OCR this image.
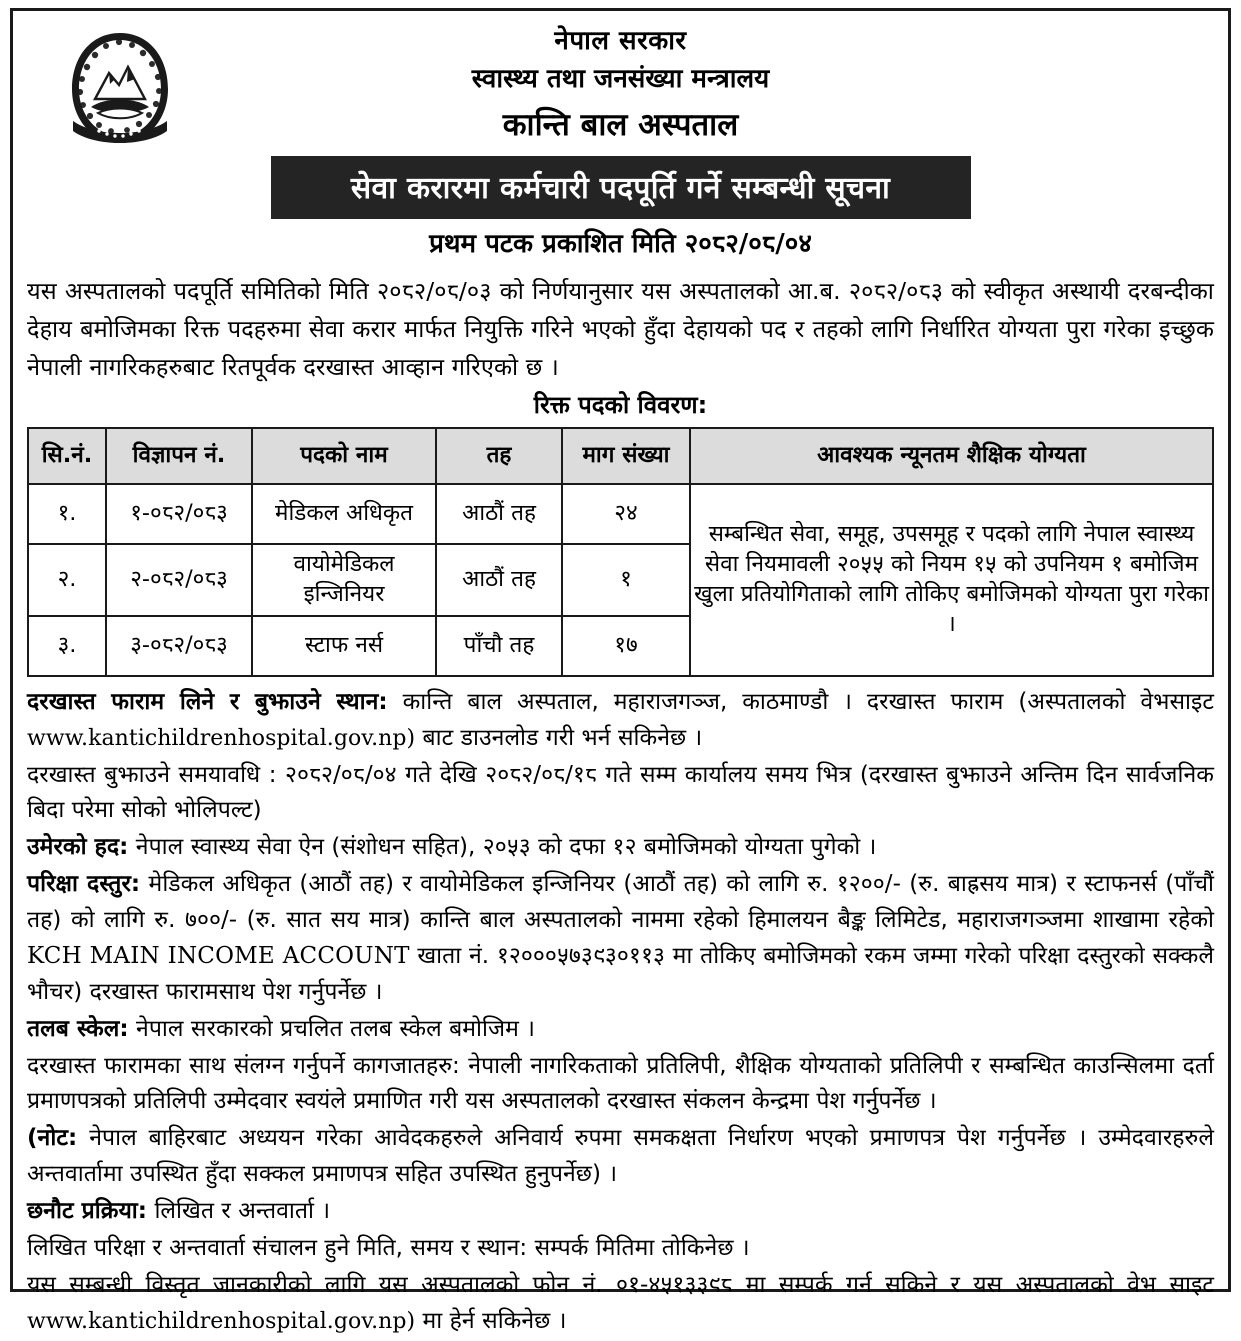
नेपाल सरकार
स्वास्थ्य तथा जनसंख्या मन्त्रालय
कान्ति बाल अस्पताल
सेवा करारमा कर्मचारी पदपूर्ति गर्ने सम्बन्धी सूचना
प्रथम पटक प्रकाशित मिति २०८२/०८/०४
यस अस्पतालको पदपूर्ति समितिको मिति २०८२/०८/०३ को निर्णयानुसार यस अस्पतालको आ.ब. २०८२/०८३ को स्वीकृत अस्थायी दरबन्दीका देहाय बमोजिमका रिक्त पदहरुमा सेवा करार मार्फत नियुक्ति गरिने भएको हुँदा देहायको पद र तहको लागि निर्धारित योग्यता पुरा गरेका इच्छुक नेपाली नागरिकहरुबाट रितपूर्वक दरखास्त आव्हान गरिएको छ ।
रिक्त पदको विवरण:
सि.नं.	विज्ञापन नं.	पदको नाम	तह	माग संख्या	आवश्यक न्यूनतम शैक्षिक योग्यता
१.	१-०८२/०८३	मेडिकल अधिकृत	आठौं तह	२४	सम्बन्धित सेवा, समूह, उपसमूह र पदको लागि नेपाल स्वास्थ्य सेवा नियमावली २०५५ को नियम १५ को उपनियम १ बमोजिम खुला प्रतियोगिताको लागि तोकिए बमोजिमको योग्यता पुरा गरेका ।
२.	२-०८२/०८३	वायोमेडिकल इन्जिनियर	आठौं तह	१	
३.	३-०८२/०८३	स्टाफ नर्स	पाँचौ तह	१७	

दरखास्त फाराम लिने र बुझाउने स्थान: कान्ति बाल अस्पताल, महाराजगञ्ज, काठमाण्डौ । दरखास्त फाराम (अस्पतालको वेभसाइट www.kantichildrenhospital.gov.np) बाट डाउनलोड गरी भर्न सकिनेछ ।

दरखास्त बुझाउने समयावधि : २०८२/०८/०४ गते देखि २०८२/०८/१८ गते सम्म कार्यालय समय भित्र (दरखास्त बुझाउने अन्तिम दिन सार्वजनिक बिदा परेमा सोको भोलिपल्ट)

उमेरको हद: नेपाल स्वास्थ्य सेवा ऐन (संशोधन सहित), २०५३ को दफा १२ बमोजिमको योग्यता पुगेको ।

परिक्षा दस्तुर: मेडिकल अधिकृत (आठौं तह) र वायोमेडिकल इन्जिनियर (आठौं तह) को लागि रु. १२००/- (रु. बाह्रसय मात्र) र स्टाफनर्स (पाँचौं तह) को लागि रु. ७००/- (रु. सात सय मात्र) कान्ति बाल अस्पतालको नाममा रहेको हिमालयन बैङ्क लिमिटेड, महाराजगञ्जमा शाखामा रहेको KCH MAIN INCOME ACCOUNT खाता नं. १२०००५७३९३०११३ मा तोकिए बमोजिमको रकम जम्मा गरेको परिक्षा दस्तुरको सक्कलै भौचर) दरखास्त फारामसाथ पेश गर्नुपर्नेछ ।

तलब स्केल: नेपाल सरकारको प्रचलित तलब स्केल बमोजिम ।

दरखास्त फारामका साथ संलग्न गर्नुपर्ने कागजातहरु: नेपाली नागरिकताको प्रतिलिपी, शैक्षिक योग्यताको प्रतिलिपी र सम्बन्धित काउन्सिलमा दर्ता प्रमाणपत्रको प्रतिलिपी उम्मेदवार स्वयंले प्रमाणित गरी यस अस्पतालको दरखास्त संकलन केन्द्रमा पेश गर्नुपर्नेछ ।

(नोट: नेपाल बाहिरबाट अध्ययन गरेका आवेदकहरुले अनिवार्य रुपमा समकक्षता निर्धारण भएको प्रमाणपत्र पेश गर्नुपर्नेछ । उम्मेदवारहरुले अन्तवार्तामा उपस्थित हुँदा सक्कल प्रमाणपत्र सहित उपस्थित हुनुपर्नेछ) ।

छनौट प्रक्रिया: लिखित र अन्तवार्ता ।

लिखित परिक्षा र अन्तवार्ता संचालन हुने मिति, समय र स्थान: सम्पर्क मितिमा तोकिनेछ ।

यस सम्बन्धी विस्तृत जानकारीको लागि यस अस्पतालको फोन नं. ०१-४५१३३९८ मा सम्पर्क गर्न सकिने र यस अस्पतालको वेभ साइट www.kantichildrenhospital.gov.np) मा हेर्न सकिनेछ ।
